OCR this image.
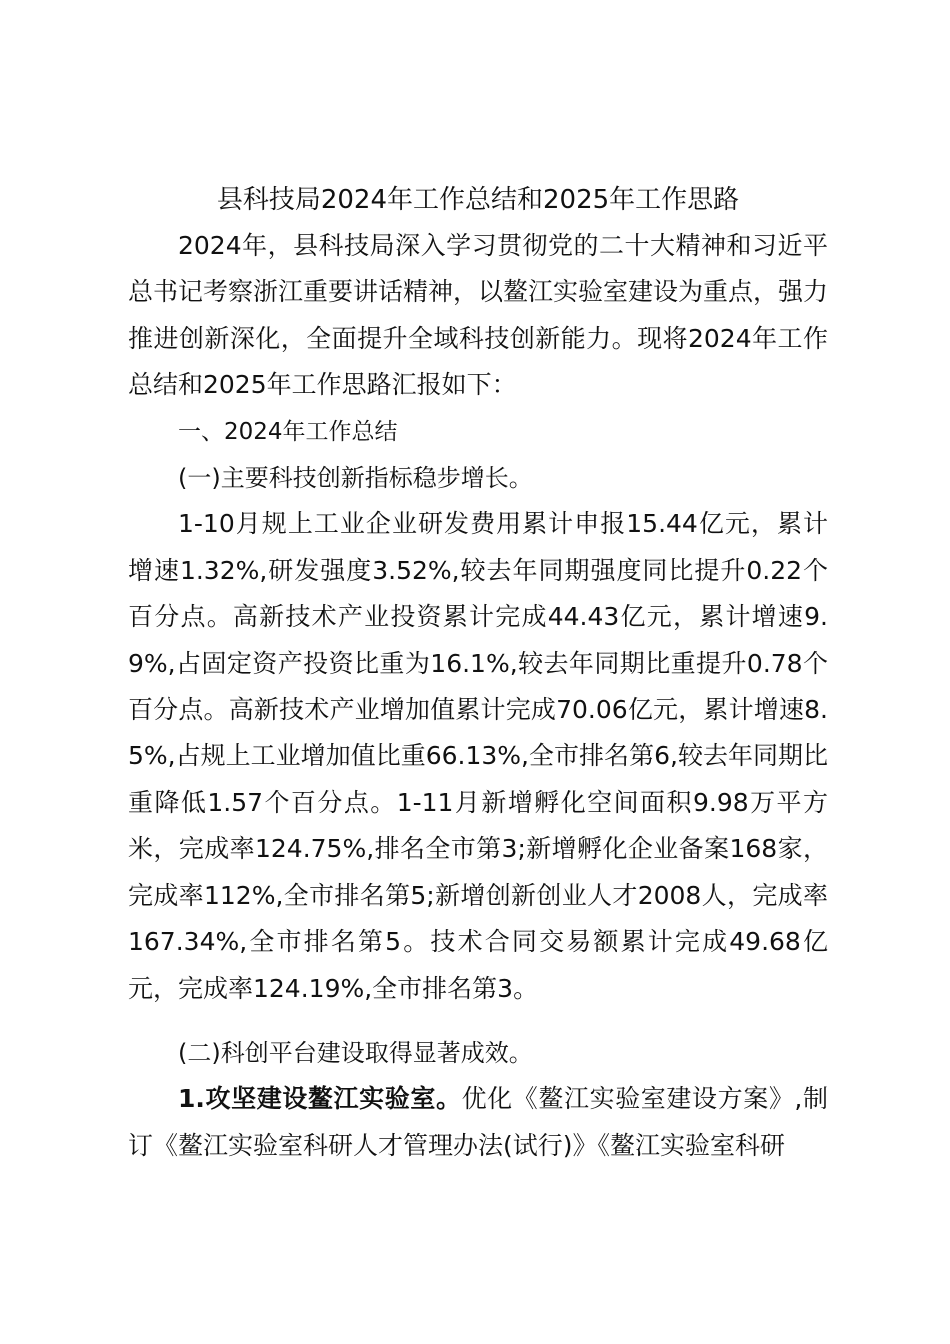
县科技局2024年工作总结和2025年工作思路

2024年，县科技局深入学习贯彻党的二十大精神和习近平总书记考察浙江重要讲话精神，以鳌江实验室建设为重点，强力推进创新深化，全面提升全域科技创新能力。现将2024年工作总结和2025年工作思路汇报如下：

一、2024年工作总结

(一)主要科技创新指标稳步增长。

1-10月规上工业企业研发费用累计申报15.44亿元，累计增速1.32%,研发强度3.52%,较去年同期强度同比提升0.22个百分点。高新技术产业投资累计完成44.43亿元，累计增速9.9%,占固定资产投资比重为16.1%,较去年同期比重提升0.78个百分点。高新技术产业增加值累计完成70.06亿元，累计增速8.5%,占规上工业增加值比重66.13%,全市排名第6,较去年同期比重降低1.57个百分点。1-11月新增孵化空间面积9.98万平方米，完成率124.75%,排名全市第3;新增孵化企业备案168家，完成率112%,全市排名第5;新增创新创业人才2008人，完成率167.34%,全市排名第5。技术合同交易额累计完成49.68亿元，完成率124.19%,全市排名第3。

(二)科创平台建设取得显著成效。

1.攻坚建设鳌江实验室。优化《鳌江实验室建设方案》,制订《鳌江实验室科研人才管理办法(试行)》《鳌江实验室科研
